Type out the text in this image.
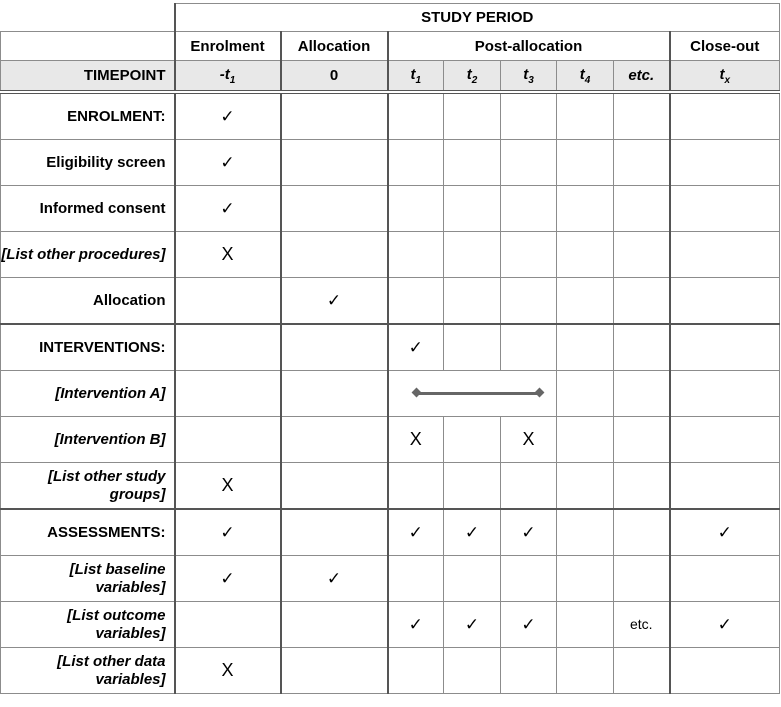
	STUDY PERIOD							
	Enrolment	Allocation	Post-allocation					Close-out
TIMEPOINT	$-t_1$	0	$t_1$	$t_2$	$t_3$	$t_4$	etc.	$t_x$
ENROLMENT:	✓							
Eligibility screen	✓							
Informed consent	✓							
[List other procedures]	X							
Allocation		✓						
INTERVENTIONS:			✓					
[Intervention A]					

[Intervention B]			X		X			
[List other study groups]	X							
ASSESSMENTS:	✓		✓	✓	✓			✓
[List baseline variables]	✓	✓						
[List outcome variables]			✓	✓	✓		etc.	✓
[List other data variables]	X							
